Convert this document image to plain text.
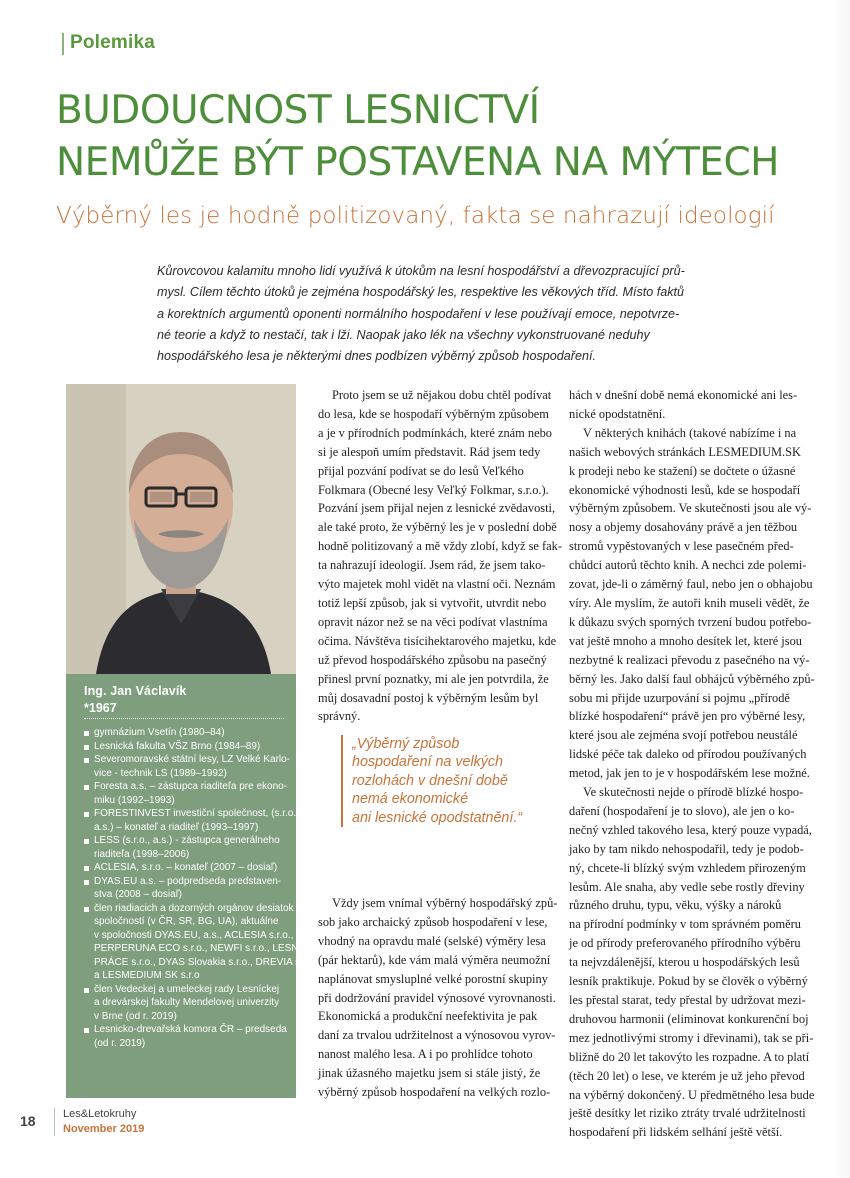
Polemika
BUDOUCNOST LESNICTVÍ
NEMŮŽE BÝT POSTAVENA NA MÝTECH
Výběrný les je hodně politizovaný, fakta se nahrazují ideologií

Kůrovcovou kalamitu mnoho lidí využívá k útokům na lesní hospodářství a dřevozpracující prů-
mysl. Cílem těchto útoků je zejména hospodářský les, respektive les věkových tříd. Místo faktů
a korektních argumentů oponenti normálního hospodaření v lese používají emoce, nepotvrze-
né teorie a když to nestačí, tak i lži. Naopak jako lék na všechny vykonstruované neduhy
hospodářského lesa je některými dnes podbízen výběrný způsob hospodaření.

Ing. Jan Václavík
*1967
gymnázium Vsetín (1980–84)
Lesnická fakulta VŠZ Brno (1984–89)
Severomoravské státní lesy, LZ Velké Karlo-
vice - technik LS (1989–1992)
Foresta a.s. – zástupca riaditeľa pre ekono-
miku (1992–1993)
FORESTINVEST investiční společnost, (s.r.o.,
a.s.) – konateľ a riaditeľ (1993–1997)
LESS (s.r.o., a.s.) - zástupca generálneho
riaditeľa (1998–2006)
ACLESIA, s.r.o. – konateľ (2007 – dosiaľ)
DYAS.EU a.s. – podpredseda predstaven-
stva (2008 – dosiaľ)
člen riadiacich a dozorných orgánov desiatok
spoločností (v ČR, SR, BG, UA), aktuálne
v spoločnosti DYAS.EU, a.s., ACLESIA s.r.o.,
PERPERUNA ECO s.r.o., NEWFI s.r.o., LESNICKÁ
PRÁCE s.r.o., DYAS Slovakia s.r.o., DREVIA s.r.o.
a LESMEDIUM SK s.r.o
člen Vedeckej a umeleckej rady Lesníckej
a drevárskej fakulty Mendelovej univerzity
v Brne (od r. 2019)
Lesnicko-drevařská komora ČR – predseda
(od r. 2019)

Proto jsem se už nějakou dobu chtěl podívat
do lesa, kde se hospodaří výběrným způsobem
a je v přírodních podmínkách, které znám nebo
si je alespoň umím představit. Rád jsem tedy
přijal pozvání podívat se do lesů Veľkého
Folkmara (Obecné lesy Veľký Folkmar, s.r.o.).
Pozvání jsem přijal nejen z lesnické zvědavosti,
ale také proto, že výběrný les je v poslední době
hodně politizovaný a mě vždy zlobí, když se fak-
ta nahrazují ideologií. Jsem rád, že jsem tako-
výto majetek mohl vidět na vlastní oči. Neznám
totiž lepší způsob, jak si vytvořit, utvrdit nebo
opravit názor než se na věci podívat vlastníma
očima. Návštěva tisícihektarového majetku, kde
už převod hospodářského způsobu na pasečný
přinesl první poznatky, mi ale jen potvrdila, že
můj dosavadní postoj k výběrným lesům byl
správný.

„Výběrný způsob
hospodaření na velkých
rozlohách v dnešní době
nemá ekonomické
ani lesnické opodstatnění.“

Vždy jsem vnímal výběrný hospodářský způ-
sob jako archaický způsob hospodaření v lese,
vhodný na opravdu malé (selské) výměry lesa
(pár hektarů), kde vám malá výměra neumožní
naplánovat smysluplné velké porostní skupiny
při dodržování pravidel výnosové vyrovnanosti.
Ekonomická a produkční neefektivita je pak
daní za trvalou udržitelnost a výnosovou vyrov-
nanost malého lesa. A i po prohlídce tohoto
jinak úžasného majetku jsem si stále jistý, že
výběrný způsob hospodaření na velkých rozlo-

hách v dnešní době nemá ekonomické ani les-
nické opodstatnění.

V některých knihách (takové nabízíme i na
našich webových stránkách LESMEDIUM.SK
k prodeji nebo ke stažení) se dočtete o úžasné
ekonomické výhodnosti lesů, kde se hospodaří
výběrným způsobem. Ve skutečnosti jsou ale vý-
nosy a objemy dosahovány právě a jen těžbou
stromů vypěstovaných v lese pasečném před-
chůdci autorů těchto knih. A nechci zde polemi-
zovat, jde-li o záměrný faul, nebo jen o obhajobu
víry. Ale myslím, že autoři knih museli vědět, že
k důkazu svých sporných tvrzení budou potřebo-
vat ještě mnoho a mnoho desítek let, které jsou
nezbytné k realizaci převodu z pasečného na vý-
běrný les. Jako další faul obhájců výběrného způ-
sobu mi přijde uzurpování si pojmu „přírodě
blízké hospodaření“ právě jen pro výběrné lesy,
které jsou ale zejména svojí potřebou neustálé
lidské péče tak daleko od přírodou používaných
metod, jak jen to je v hospodářském lese možné.

Ve skutečnosti nejde o přírodě blízké hospo-
daření (hospodaření je to slovo), ale jen o ko-
nečný vzhled takového lesa, který pouze vypadá,
jako by tam nikdo nehospodařil, tedy je podob-
ný, chcete-li blízký svým vzhledem přirozeným
lesům. Ale snaha, aby vedle sebe rostly dřeviny
různého druhu, typu, věku, výšky a nároků
na přírodní podmínky v tom správném poměru
je od přírody preferovaného přírodního výběru
ta nejvzdálenější, kterou u hospodářských lesů
lesník praktikuje. Pokud by se člověk o výběrný
les přestal starat, tedy přestal by udržovat mezi-
druhovou harmonii (eliminovat konkurenční boj
mez jednotlivými stromy i dřevinami), tak se při-
bližně do 20 let takovýto les rozpadne. A to platí
(těch 20 let) o lese, ve kterém je už jeho převod
na výběrný dokončený. U předmětného lesa bude
ještě desítky let riziko ztráty trvalé udržitelnosti
hospodaření při lidském selhání ještě větší.

18 Les&Letokruhy
November 2019
